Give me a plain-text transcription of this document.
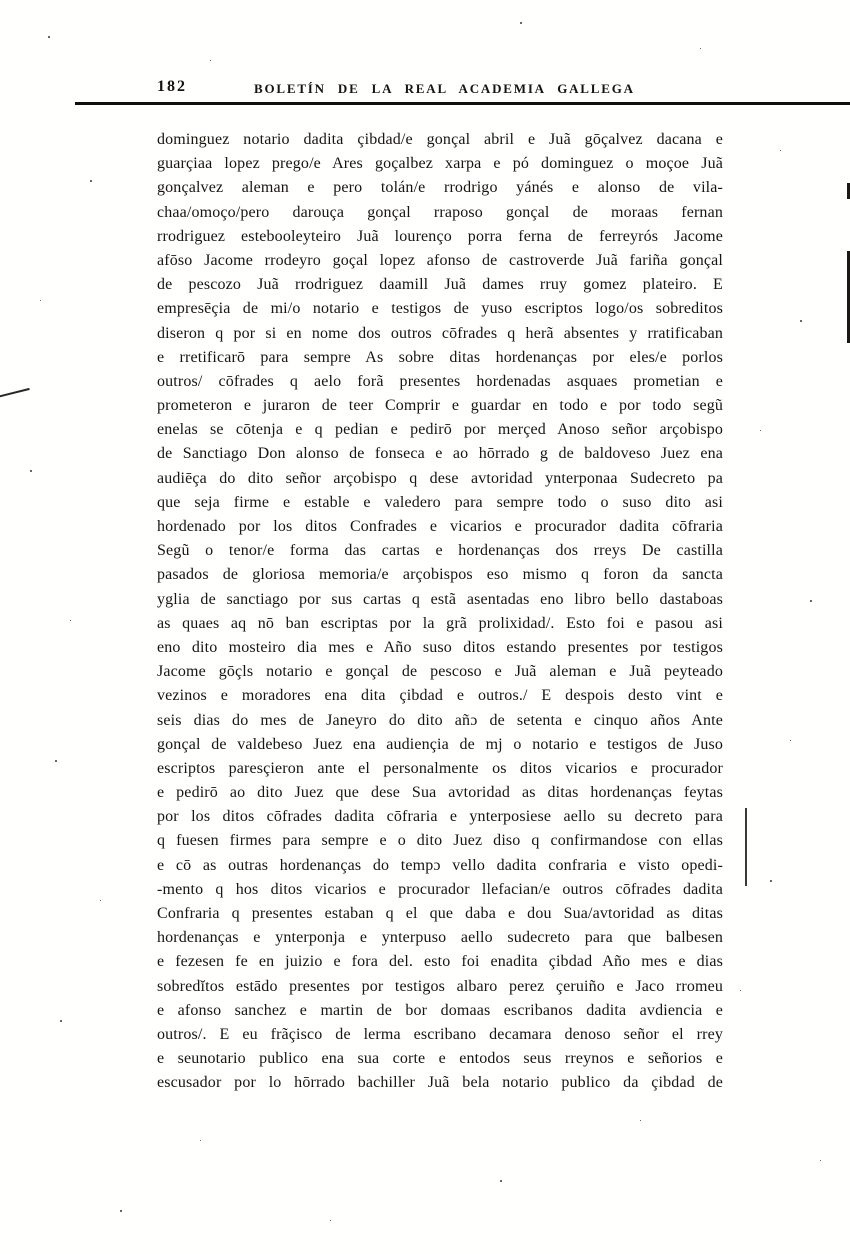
182	BOLETÍN DE LA REAL ACADEMIA GALLEGA
dominguez notario dadita çibdad/e gonçal abril e Juã gōçalvez dacana e
guarçiaa lopez prego/e Ares goçalbez xarpa e pó dominguez o moçoe Juã
gonçalvez aleman e pero tolán/e rrodrigo yánés e alonso de vila-
chaa/omoço/pero darouça gonçal rraposo gonçal de moraas fernan
rrodriguez estebooleyteiro Juã lourenço porra ferna de ferreyrós Jacome
afōso Jacome rrodeyro goçal lopez afonso de castroverde Juã fariña gonçal
de pescozo Juã rrodriguez daamill Juã dames rruy gomez plateiro. E
empresēçia de mi/o notario e testigos de yuso escriptos logo/os sobreditos
diseron q por si en nome dos outros cōfrades q herã absentes y rratificaban
e rretificarō para sempre As sobre ditas hordenanças por eles/e porlos
outros/ cōfrades q aelo forã presentes hordenadas asquaes prometian e
prometeron e juraron de teer Comprir e guardar en todo e por todo segũ
enelas se cōtenja e q pedian e pedirō por merçed Anoso señor arçobispo
de Sanctiago Don alonso de fonseca e ao hōrrado g de baldoveso Juez ena
audiēça do dito señor arçobispo q dese avtoridad ynterponaa Sudecreto pa
que seja firme e estable e valedero para sempre todo o suso dito asi
hordenado por los ditos Confrades e vicarios e procurador dadita cōfraria
Segũ o tenor/e forma das cartas e hordenanças dos rreys De castilla
pasados de gloriosa memoria/e arçobispos eso mismo q foron da sancta
yglia de sanctiago por sus cartas q estã asentadas eno libro bello dastaboas
as quaes aq nō ban escriptas por la grã prolixidad/. Esto foi e pasou asi
eno dito mosteiro dia mes e Año suso ditos estando presentes por testigos
Jacome gōçls notario e gonçal de pescoso e Juã aleman e Juã peyteado
vezinos e moradores ena dita çibdad e outros./ E despois desto vint e
seis dias do mes de Janeyro do dito añɔ de setenta e cinquo años Ante
gonçal de valdebeso Juez ena audiençia de mj o notario e testigos de Juso
escriptos paresçieron ante el personalmente os ditos vicarios e procurador
e pedirō ao dito Juez que dese Sua avtoridad as ditas hordenanças feytas
por los ditos cōfrades dadita cōfraria e ynterposiese aello su decreto para
q fuesen firmes para sempre e o dito Juez diso q confirmandose con ellas
e cō as outras hordenanças do tempɔ vello dadita confraria e visto opedi-
-mento q hos ditos vicarios e procurador llefacian/e outros cōfrades dadita
Confraria q presentes estaban q el que daba e dou Sua/avtoridad as ditas
hordenanças e ynterponja e ynterpuso aello sudecreto para que balbesen
e fezesen fe en juizio e fora del. esto foi enadita çibdad Año mes e dias
sobredĭtos estādo presentes por testigos albaro perez çeruiño e Jaco rromeu
e afonso sanchez e martin de bor domaas escribanos dadita avdiencia e
outros/. E eu frãçisco de lerma escribano decamara denoso señor el rrey
e seunotario publico ena sua corte e entodos seus rreynos e señorios e
escusador por lo hōrrado bachiller Juã bela notario publico da çibdad de
